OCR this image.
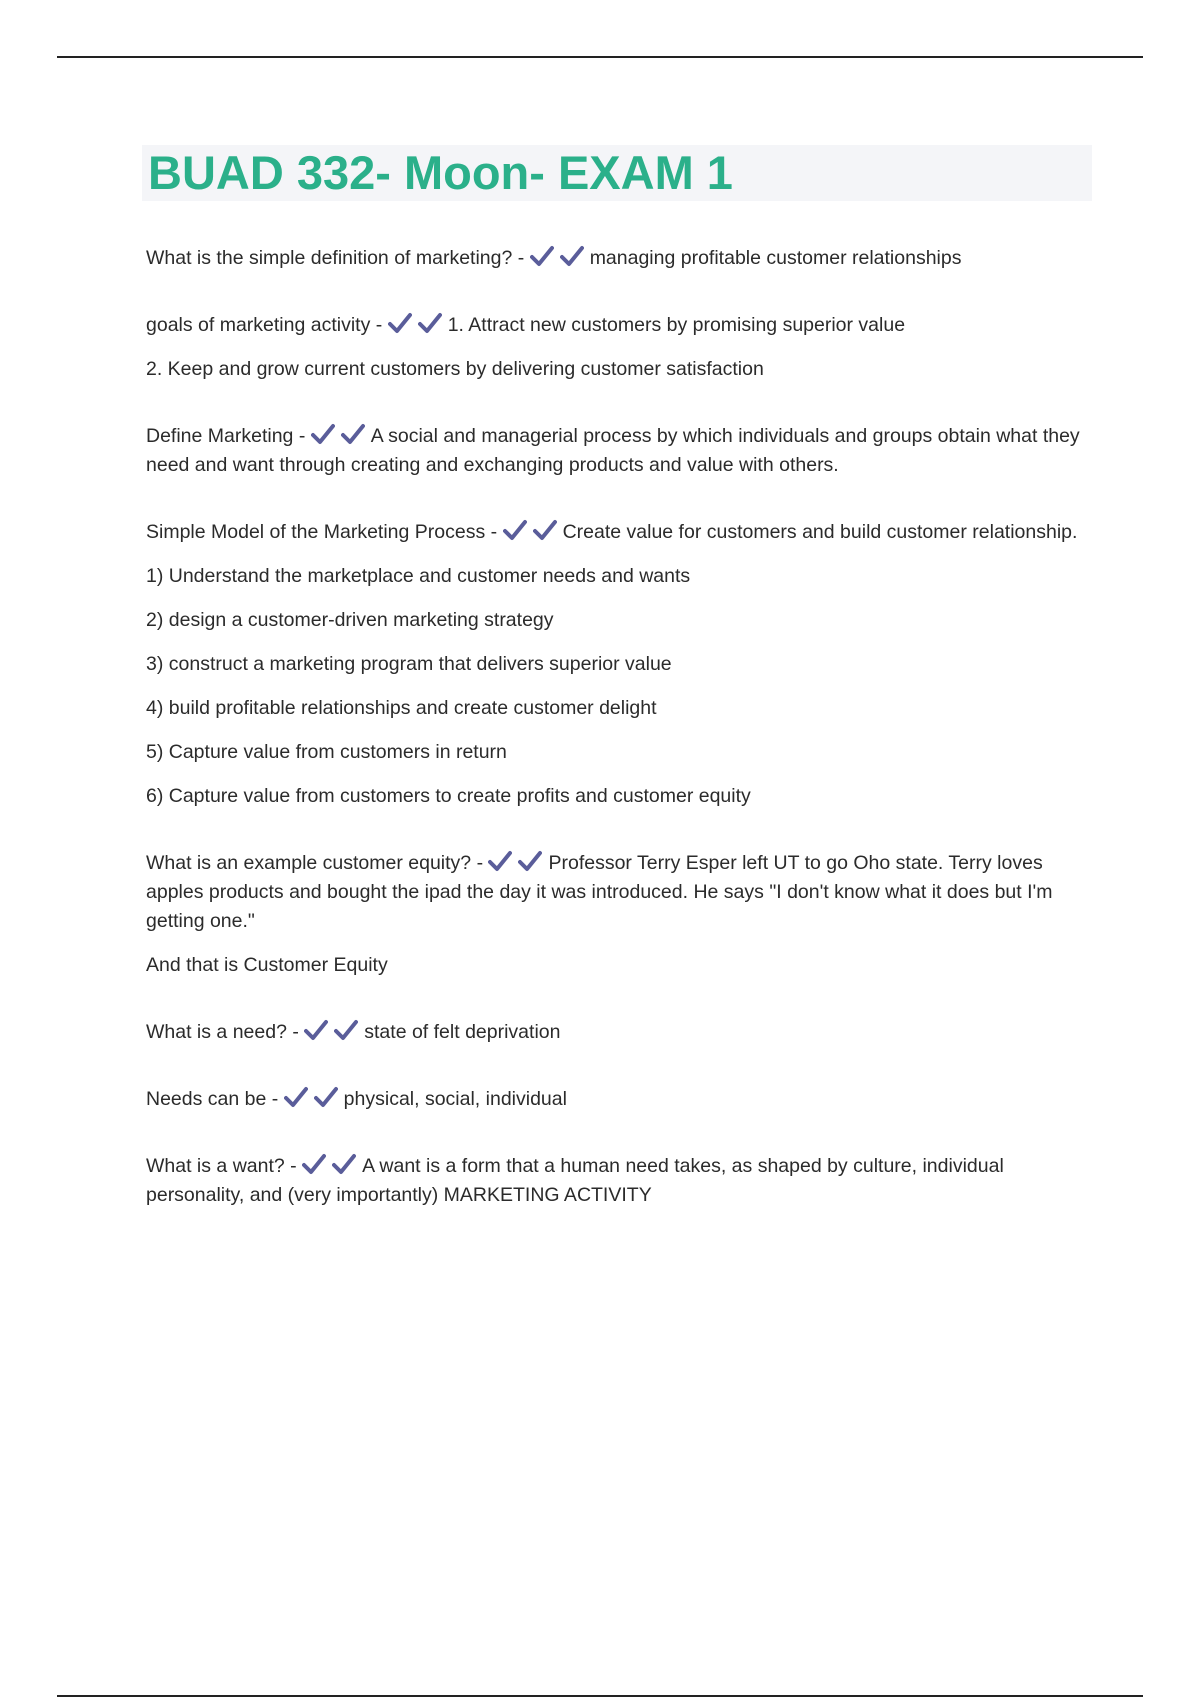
BUAD 332- Moon- EXAM 1

What is the simple definition of marketing? -	managing profitable customer relationships

goals of marketing activity -	1. Attract new customers by promising superior value

2. Keep and grow current customers by delivering customer satisfaction

Define Marketing -	A social and managerial process by which individuals and groups obtain what they need and want through creating and exchanging products and value with others.

Simple Model of the Marketing Process -	Create value for customers and build customer relationship.

1) Understand the marketplace and customer needs and wants

2) design a customer-driven marketing strategy

3) construct a marketing program that delivers superior value

4) build profitable relationships and create customer delight

5) Capture value from customers in return

6) Capture value from customers to create profits and customer equity

What is an example customer equity? -	Professor Terry Esper left UT to go Oho state. Terry loves apples products and bought the ipad the day it was introduced. He says "I don't know what it does but I'm getting one."

And that is Customer Equity

What is a need? -	state of felt deprivation

Needs can be -	physical, social, individual

What is a want? -	A want is a form that a human need takes, as shaped by culture, individual personality, and (very importantly) MARKETING ACTIVITY
